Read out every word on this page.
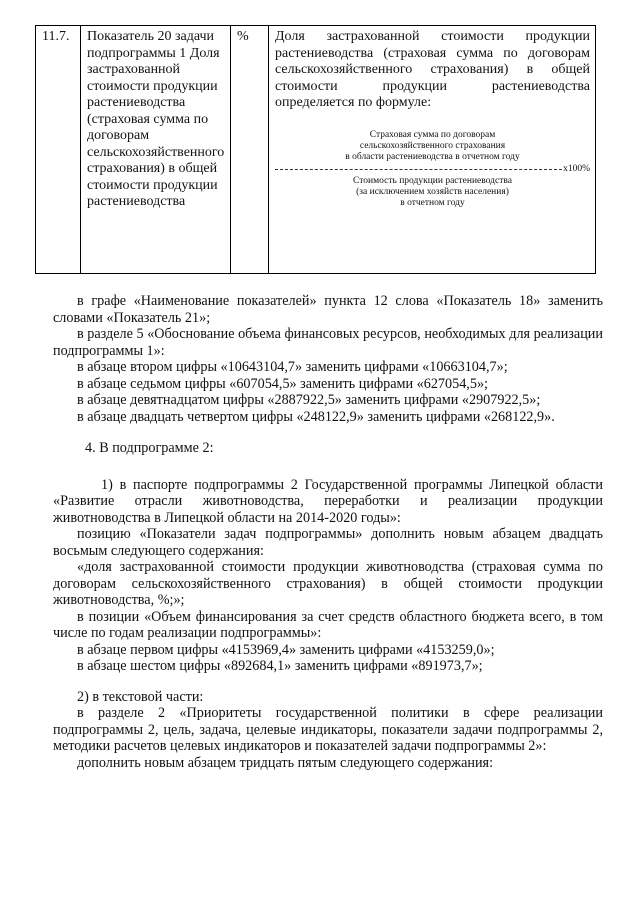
11.7.	Показатель 20 задачи подпрограммы 1 Доля застрахованной стоимости продукции растениеводства (страховая сумма по договорам сельскохозяйственного страхования) в общей стоимости продукции растениеводства	%	Доля застрахованной стоимости продукции растениеводства (страховая сумма по договорам сельскохозяйственного страхования) в общей стоимости продукции растениеводства определяется по формуле:
Страховая сумма по договорам
сельскохозяйственного страхования
в области растениеводства в отчетном году
x100%
Стоимость продукции растениеводства
(за исключением хозяйств населения)
в отчетном году

в графе «Наименование показателей» пункта 12 слова «Показатель 18» заменить словами «Показатель 21»;

в разделе 5 «Обоснование объема финансовых ресурсов, необходимых для реализации подпрограммы 1»:

в абзаце втором цифры «10643104,7» заменить цифрами «10663104,7»;

в абзаце седьмом цифры «607054,5» заменить цифрами «627054,5»;

в абзаце девятнадцатом цифры «2887922,5» заменить цифрами «2907922,5»;

в абзаце двадцать четвертом цифры «248122,9» заменить цифрами «268122,9».

4. В подпрограмме 2:

1) в паспорте подпрограммы 2 Государственной программы Липецкой области «Развитие отрасли животноводства, переработки и реализации продукции животноводства в Липецкой области на 2014-2020 годы»:

позицию «Показатели задач подпрограммы» дополнить новым абзацем двадцать восьмым следующего содержания:

«доля застрахованной стоимости продукции животноводства (страховая сумма по договорам сельскохозяйственного страхования) в общей стоимости продукции животноводства, %;»;

в позиции «Объем финансирования за счет средств областного бюджета всего, в том числе по годам реализации подпрограммы»:

в абзаце первом цифры «4153969,4» заменить цифрами «4153259,0»;

в абзаце шестом цифры «892684,1» заменить цифрами «891973,7»;

2) в текстовой части:

в разделе 2 «Приоритеты государственной политики в сфере реализации подпрограммы 2, цель, задача, целевые индикаторы, показатели задачи подпрограммы 2, методики расчетов целевых индикаторов и показателей задачи подпрограммы 2»:

дополнить новым абзацем тридцать пятым следующего содержания:
